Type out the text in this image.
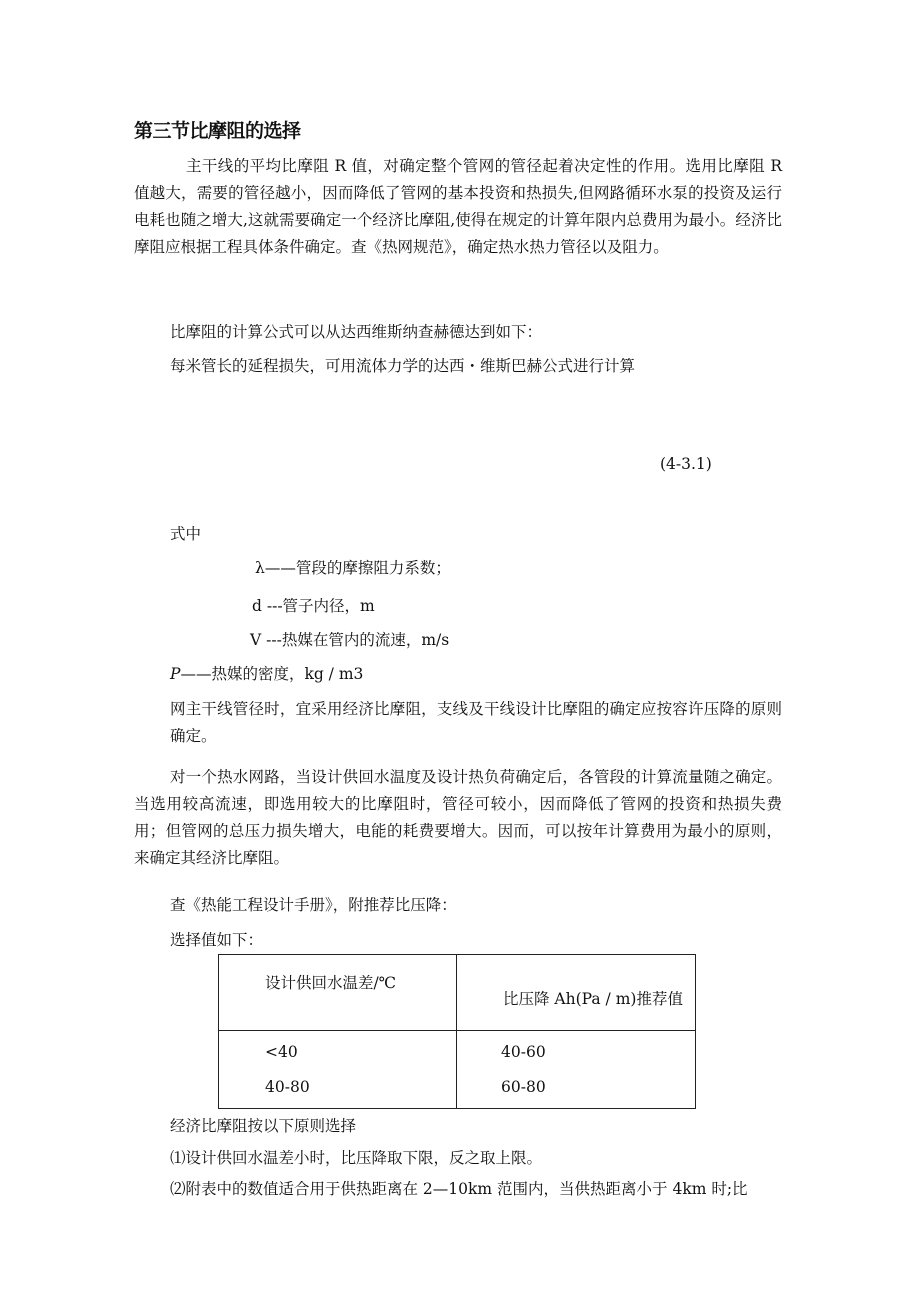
第三节比摩阻的选择
主干线的平均比摩阻 R 值，对确定整个管网的管径起着决定性的作用。选用比摩阻 R 值越大，需要的管径越小，因而降低了管网的基本投资和热损失,但网路循环水泵的投资及运行电耗也随之增大,这就需要确定一个经济比摩阻,使得在规定的计算年限内总费用为最小。经济比摩阻应根据工程具体条件确定。查《热网规范》，确定热水热力管径以及阻力。
比摩阻的计算公式可以从达西维斯纳查赫德达到如下：
每米管长的延程损失，可用流体力学的达西・维斯巴赫公式进行计算
(4-3.1)
式中
λ——管段的摩擦阻力系数；
d ---管子内径，m
V ---热媒在管内的流速，m/s
P——热媒的密度，kg / m3
网主干线管径时，宜采用经济比摩阻，支线及干线设计比摩阻的确定应按容许压降的原则确定。
对一个热水网路，当设计供回水温度及设计热负荷确定后，各管段的计算流量随之确定。当选用较高流速，即选用较大的比摩阻时，管径可较小，因而降低了管网的投资和热损失费用；但管网的总压力损失增大，电能的耗费要增大。因而，可以按年计算费用为最小的原则，来确定其经济比摩阻。
查《热能工程设计手册》，附推荐比压降：
选择值如下：
设计供回水温差/℃
比压降 Ah(Pa / m)推荐值
<40	40-60
40-80	60-80
经济比摩阻按以下原则选择
⑴设计供回水温差小时，比压降取下限，反之取上限。
⑵附表中的数值适合用于供热距离在 2—10km 范围内，当供热距离小于 4km 时;比
